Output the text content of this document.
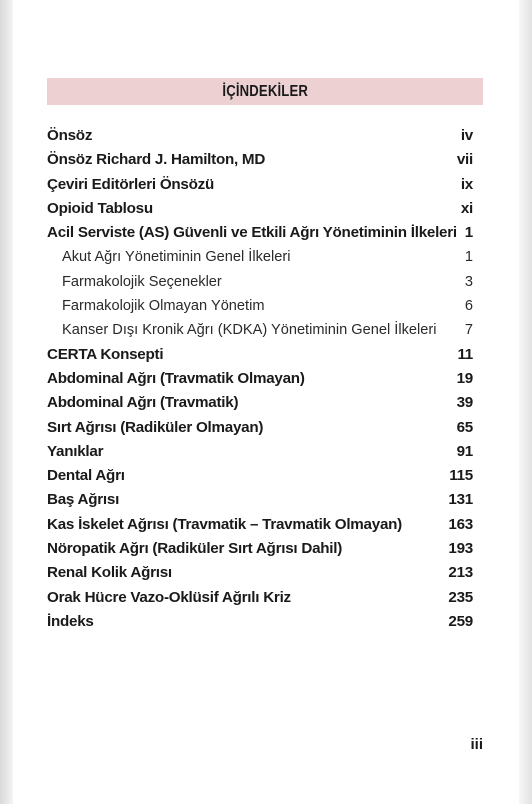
İÇİNDEKİLER
Önsöz	iv
Önsöz Richard J. Hamilton, MD	vii
Çeviri Editörleri Önsözü	ix
Opioid Tablosu	xi
Acil Serviste (AS) Güvenli ve Etkili Ağrı Yönetiminin İlkeleri 1
Akut Ağrı Yönetiminin Genel İlkeleri	1
Farmakolojik Seçenekler	3
Farmakolojik Olmayan Yönetim	6
Kanser Dışı Kronik Ağrı (KDKA) Yönetiminin Genel İlkeleri 7
CERTA Konsepti	11
Abdominal Ağrı (Travmatik Olmayan)	19
Abdominal Ağrı (Travmatik)	39
Sırt Ağrısı (Radiküler Olmayan)	65
Yanıklar	91
Dental Ağrı	115
Baş Ağrısı	131
Kas İskelet Ağrısı (Travmatik – Travmatik Olmayan)	163
Nöropatik Ağrı (Radiküler Sırt Ağrısı Dahil)	193
Renal Kolik Ağrısı	213
Orak Hücre Vazo-Oklüsif Ağrılı Kriz	235
İndeks	259
iii
